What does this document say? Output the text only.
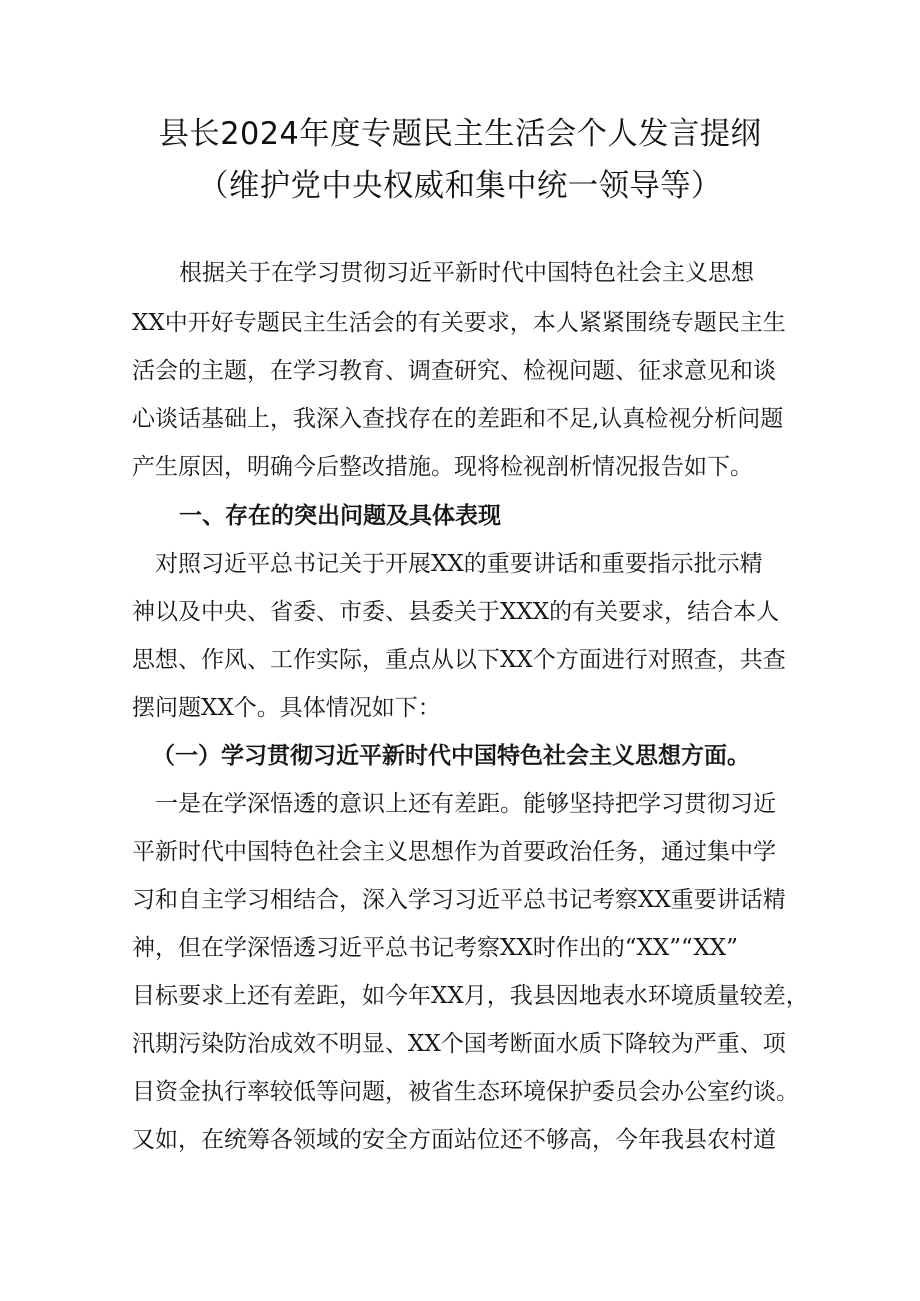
县长2024年度专题民主生活会个人发言提纲
（维护党中央权威和集中统一领导等）
根据关于在学习贯彻习近平新时代中国特色社会主义思想
XX中开好专题民主生活会的有关要求，本人紧紧围绕专题民主生
活会的主题，在学习教育、调查研究、检视问题、征求意见和谈
心谈话基础上，我深入查找存在的差距和不足,认真检视分析问题
产生原因，明确今后整改措施。现将检视剖析情况报告如下。
一、存在的突出问题及具体表现
对照习近平总书记关于开展XX的重要讲话和重要指示批示精
神以及中央、省委、市委、县委关于XXX的有关要求，结合本人
思想、作风、工作实际，重点从以下XX个方面进行对照查，共查
摆问题XX个。具体情况如下：
（一）学习贯彻习近平新时代中国特色社会主义思想方面。
一是在学深悟透的意识上还有差距。能够坚持把学习贯彻习近
平新时代中国特色社会主义思想作为首要政治任务，通过集中学
习和自主学习相结合，深入学习习近平总书记考察XX重要讲话精
神，但在学深悟透习近平总书记考察XX时作出的“XX”“XX”
目标要求上还有差距，如今年XX月，我县因地表水环境质量较差，
汛期污染防治成效不明显、XX个国考断面水质下降较为严重、项
目资金执行率较低等问题，被省生态环境保护委员会办公室约谈。
又如，在统筹各领域的安全方面站位还不够高，今年我县农村道
